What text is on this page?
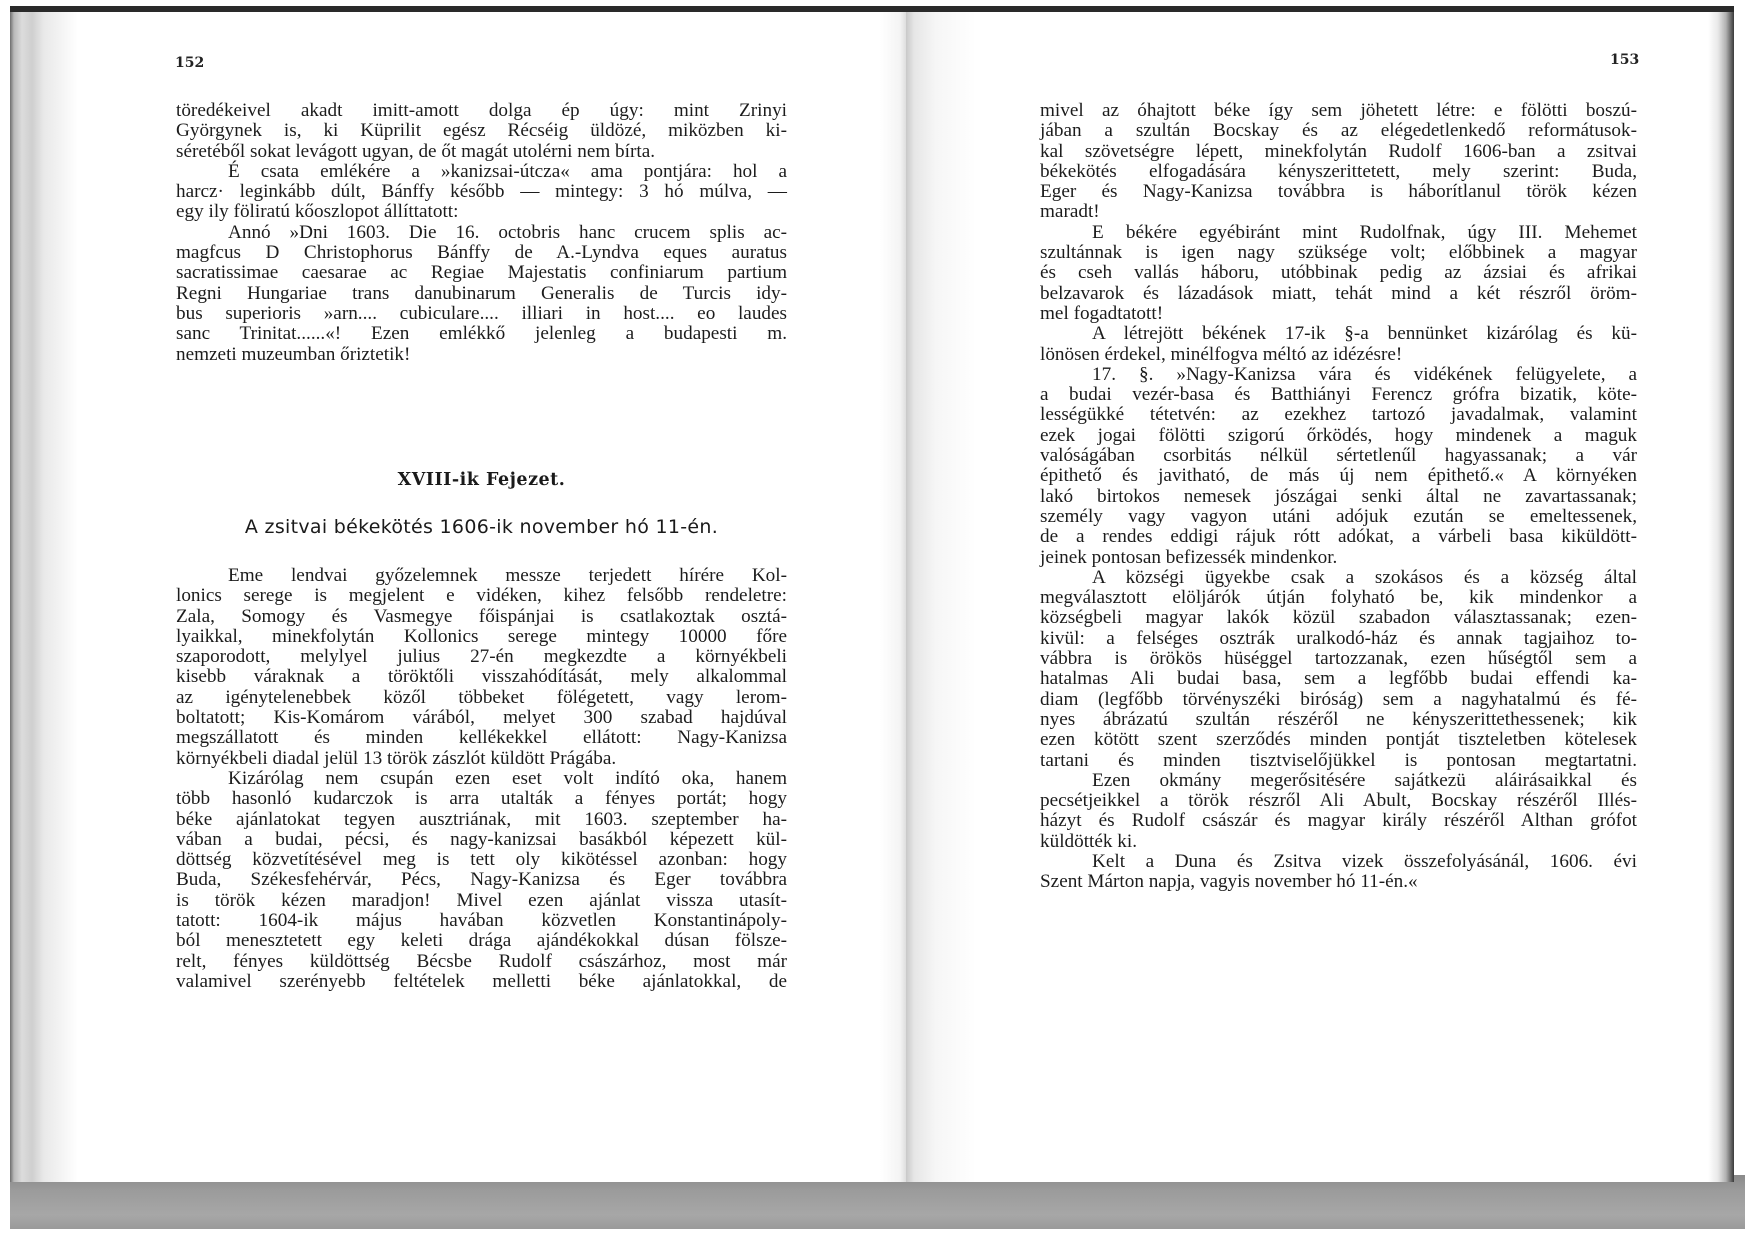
152	153
töredékeivel akadt imitt-amott dolga ép úgy: mint Zrinyi
Györgynek is, ki Küprilit egész Récséig üldözé, miközben ki-
séretéből sokat levágott ugyan, de őt magát utolérni nem bírta.
É csata emlékére a »kanizsai-útcza« ama pontjára: hol a
harcz· leginkább dúlt, Bánffy később — mintegy: 3 hó múlva, —
egy ily föliratú kőoszlopot állíttatott:
Annó »Dni 1603. Die 16. octobris hanc crucem splis ac-
magfcus D Christophorus Bánffy de A.-Lyndva eques auratus
sacratissimae caesarae ac Regiae Majestatis confiniarum partium
Regni Hungariae trans danubinarum Generalis de Turcis idy-
bus superioris »arn.... cubiculare.... illiari in host.... eo laudes
sanc Trinitat......«! Ezen emlékkő jelenleg a budapesti m.
nemzeti muzeumban őriztetik!
XVIII-ik Fejezet.
A zsitvai békekötés 1606-ik november hó 11-én.
Eme lendvai győzelemnek messze terjedett hírére Kol-
lonics serege is megjelent e vidéken, kihez felsőbb rendeletre:
Zala, Somogy és Vasmegye főispánjai is csatlakoztak osztá-
lyaikkal, minekfolytán Kollonics serege mintegy 10000 főre
szaporodott, melylyel julius 27-én megkezdte a környékbeli
kisebb váraknak a töröktőli visszahódítását, mely alkalommal
az igénytelenebbek közől többeket fölégetett, vagy lerom-
boltatott; Kis-Komárom várából, melyet 300 szabad hajdúval
megszállatott és minden kellékekkel ellátott: Nagy-Kanizsa
környékbeli diadal jelül 13 török zászlót küldött Prágába.
Kizárólag nem csupán ezen eset volt indító oka, hanem
több hasonló kudarczok is arra utalták a fényes portát; hogy
béke ajánlatokat tegyen ausztriának, mit 1603. szeptember ha-
vában a budai, pécsi, és nagy-kanizsai basákból képezett kül-
döttség közvetítésével meg is tett oly kikötéssel azonban: hogy
Buda, Székesfehérvár, Pécs, Nagy-Kanizsa és Eger továbbra
is török kézen maradjon! Mivel ezen ajánlat vissza utasít-
tatott: 1604-ik május havában közvetlen Konstantinápoly-
ból menesztetett egy keleti drága ajándékokkal dúsan fölsze-
relt, fényes küldöttség Bécsbe Rudolf császárhoz, most már
valamivel szerényebb feltételek melletti béke ajánlatokkal, de
mivel az óhajtott béke így sem jöhetett létre: e fölötti boszú-
jában a szultán Bocskay és az elégedetlenkedő reformátusok-
kal szövetségre lépett, minekfolytán Rudolf 1606-ban a zsitvai
békekötés elfogadására kényszerittetett, mely szerint: Buda,
Eger és Nagy-Kanizsa továbbra is háborítlanul török kézen
maradt!
E békére egyébiránt mint Rudolfnak, úgy III. Mehemet
szultánnak is igen nagy szüksége volt; előbbinek a magyar
és cseh vallás háboru, utóbbinak pedig az ázsiai és afrikai
belzavarok és lázadások miatt, tehát mind a két részről öröm-
mel fogadtatott!
A létrejött békének 17-ik §-a bennünket kizárólag és kü-
lönösen érdekel, minélfogva méltó az idézésre!
17. §. »Nagy-Kanizsa vára és vidékének felügyelete, a
a budai vezér-basa és Batthiányi Ferencz grófra bizatik, köte-
lességükké tétetvén: az ezekhez tartozó javadalmak, valamint
ezek jogai fölötti szigorú őrködés, hogy mindenek a maguk
valóságában csorbitás nélkül sértetlenűl hagyassanak; a vár
épithető és javitható, de más új nem épithető.« A környéken
lakó birtokos nemesek jószágai senki által ne zavartassanak;
személy vagy vagyon utáni adójuk ezután se emeltessenek,
de a rendes eddigi rájuk rótt adókat, a várbeli basa kiküldött-
jeinek pontosan befizessék mindenkor.
A községi ügyekbe csak a szokásos és a község által
megválasztott elöljárók útján folyható be, kik mindenkor a
községbeli magyar lakók közül szabadon választassanak; ezen-
kivül: a felséges osztrák uralkodó-ház és annak tagjaihoz to-
vábbra is örökös hüséggel tartozzanak, ezen hűségtől sem a
hatalmas Ali budai basa, sem a legfőbb budai effendi ka-
diam (legfőbb törvényszéki biróság) sem a nagyhatalmú és fé-
nyes ábrázatú szultán részéről ne kényszerittethessenek; kik
ezen kötött szent szerződés minden pontját tiszteletben kötelesek
tartani és minden tisztviselőjükkel is pontosan megtartatni.
Ezen okmány megerősitésére sajátkezü aláirásaikkal és
pecsétjeikkel a török részről Ali Abult, Bocskay részéről Illés-
házyt és Rudolf császár és magyar király részéről Althan grófot
küldötték ki.
Kelt a Duna és Zsitva vizek összefolyásánál, 1606. évi
Szent Márton napja, vagyis november hó 11-én.«
